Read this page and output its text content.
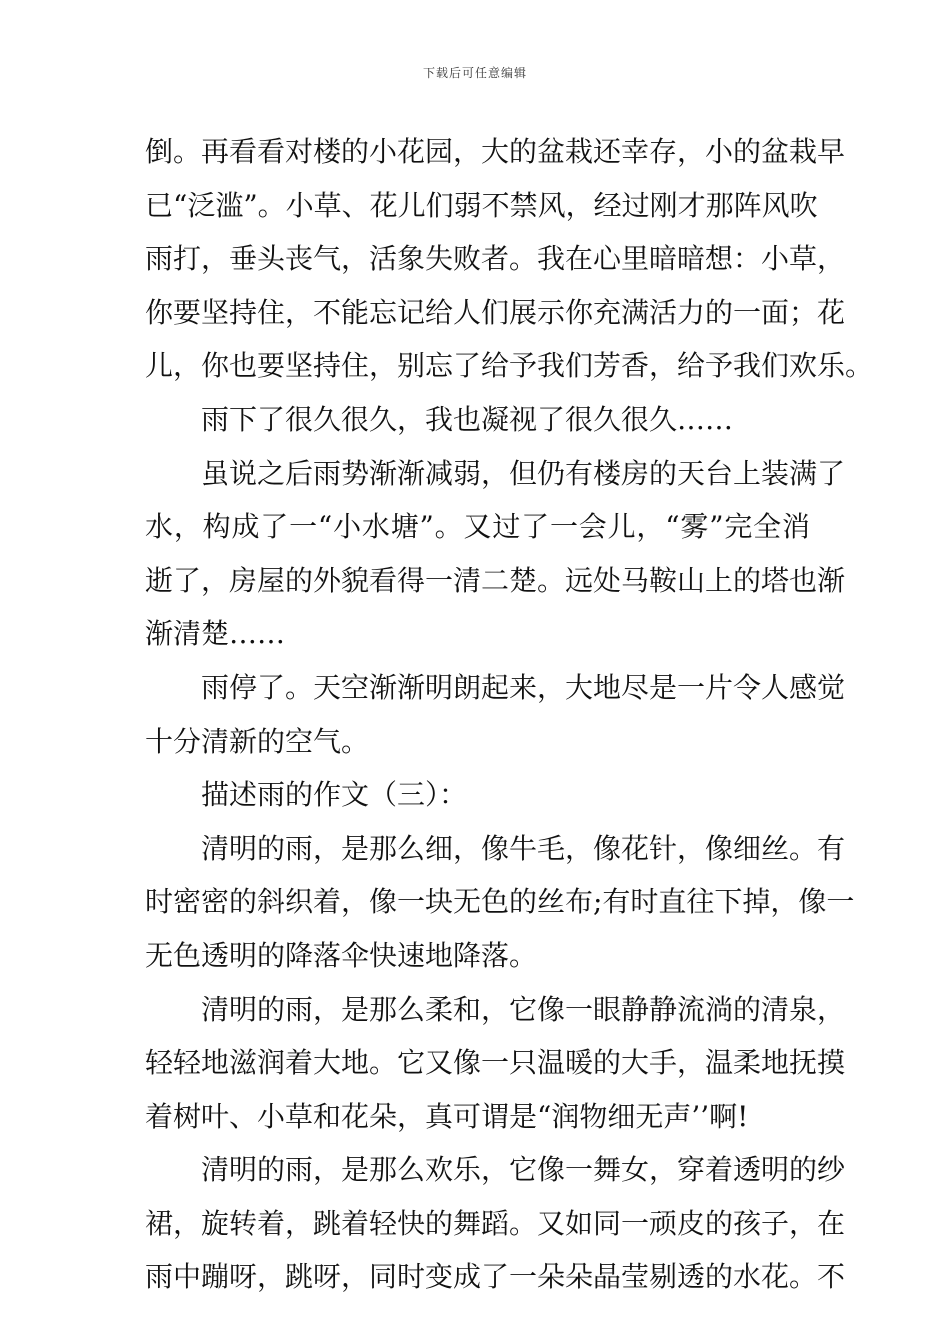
下载后可任意编辑
倒。再看看对楼的小花园，大的盆栽还幸存，小的盆栽早
已“泛滥”。小草、花儿们弱不禁风，经过刚才那阵风吹
雨打，垂头丧气，活象失败者。我在心里暗暗想：小草，
你要坚持住，不能忘记给人们展示你充满活力的一面；花
儿，你也要坚持住，别忘了给予我们芳香，给予我们欢乐。
雨下了很久很久，我也凝视了很久很久……
虽说之后雨势渐渐减弱，但仍有楼房的天台上装满了
水，构成了一“小水塘”。又过了一会儿，“雾”完全消
逝了，房屋的外貌看得一清二楚。远处马鞍山上的塔也渐
渐清楚……
雨停了。天空渐渐明朗起来，大地尽是一片令人感觉
十分清新的空气。
描述雨的作文（三）：
清明的雨，是那么细，像牛毛，像花针，像细丝。有
时密密的斜织着，像一块无色的丝布;有时直往下掉，像一
无色透明的降落伞快速地降落。
清明的雨，是那么柔和，它像一眼静静流淌的清泉，
轻轻地滋润着大地。它又像一只温暖的大手，温柔地抚摸
着树叶、小草和花朵，真可谓是“润物细无声’’啊!
清明的雨，是那么欢乐，它像一舞女，穿着透明的纱
裙，旋转着，跳着轻快的舞蹈。又如同一顽皮的孩子，在
雨中蹦呀，跳呀，同时变成了一朵朵晶莹剔透的水花。不
